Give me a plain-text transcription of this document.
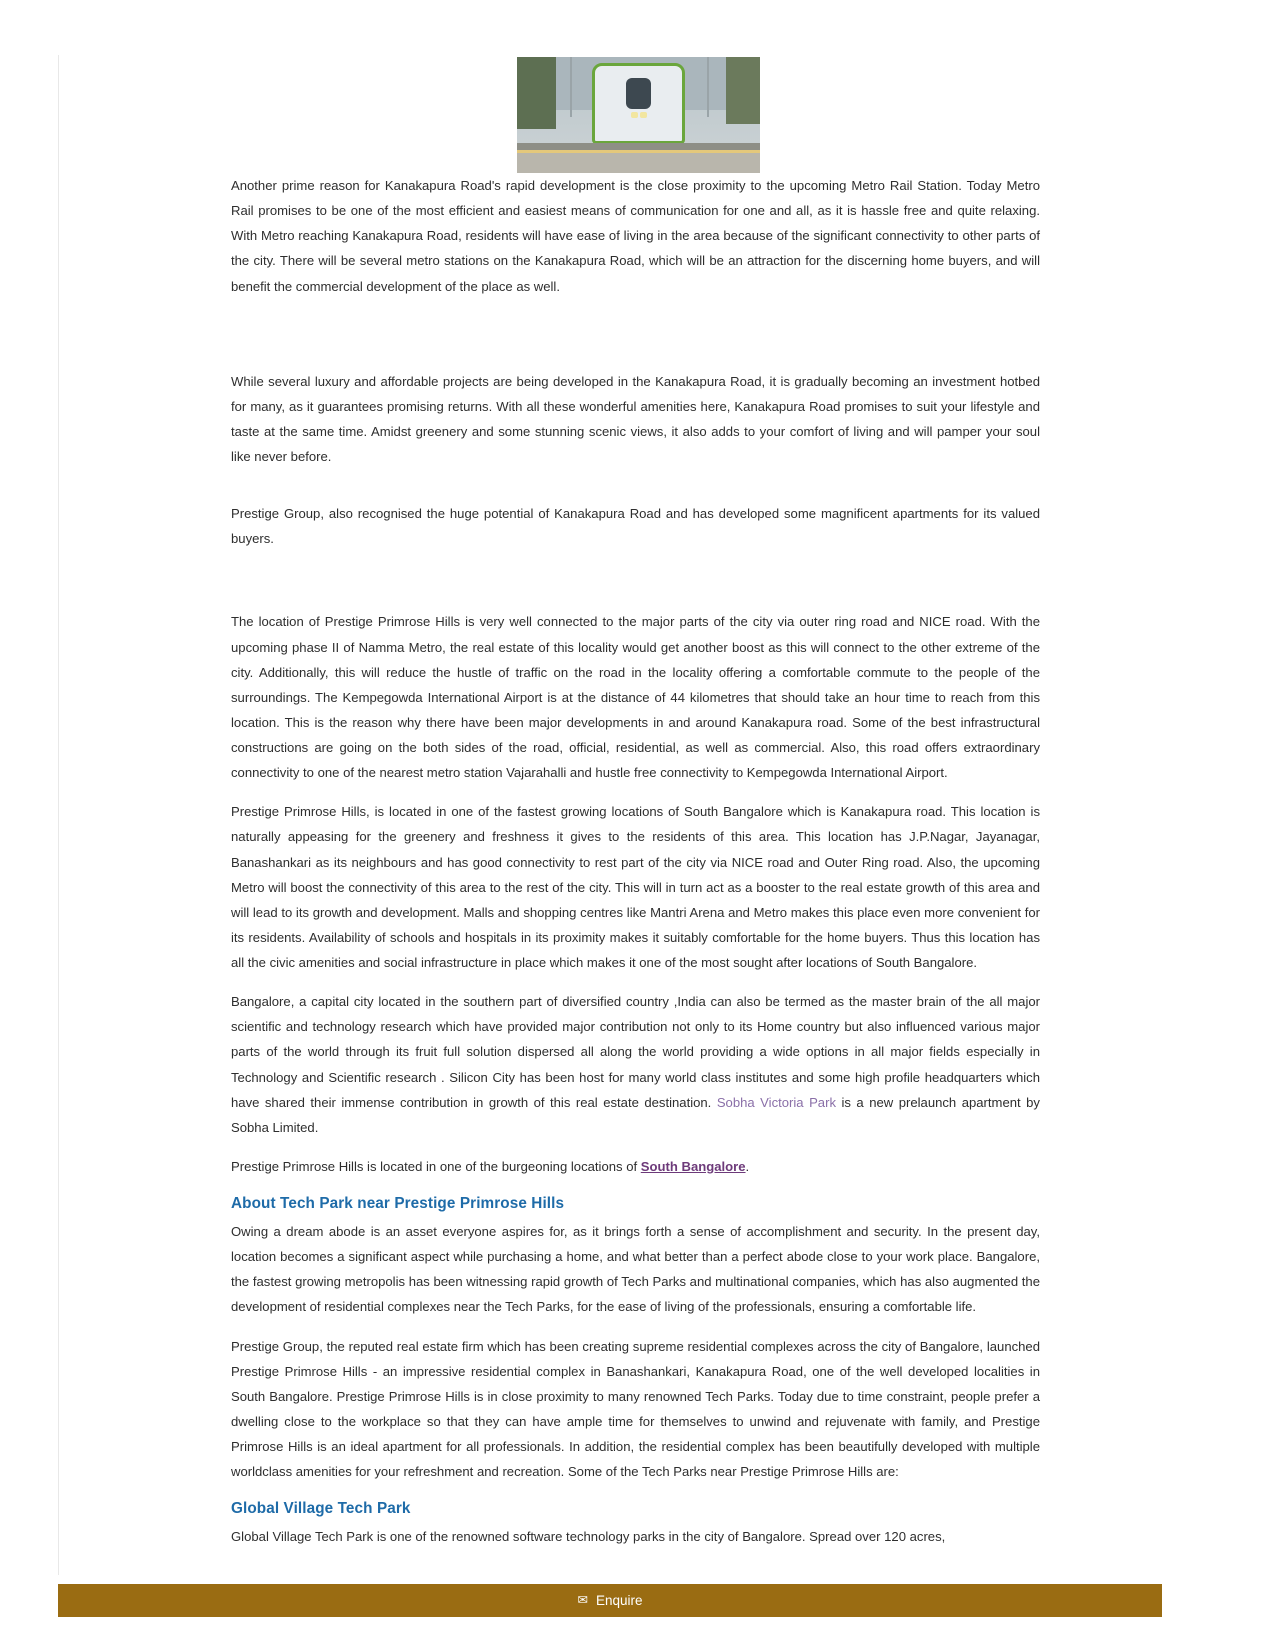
Another prime reason for Kanakapura Road's rapid development is the close proximity to the upcoming Metro Rail Station. Today Metro Rail promises to be one of the most efficient and easiest means of communication for one and all, as it is hassle free and quite relaxing. With Metro reaching Kanakapura Road, residents will have ease of living in the area because of the significant connectivity to other parts of the city. There will be several metro stations on the Kanakapura Road, which will be an attraction for the discerning home buyers, and will benefit the commercial development of the place as well.

While several luxury and affordable projects are being developed in the Kanakapura Road, it is gradually becoming an investment hotbed for many, as it guarantees promising returns. With all these wonderful amenities here, Kanakapura Road promises to suit your lifestyle and taste at the same time. Amidst greenery and some stunning scenic views, it also adds to your comfort of living and will pamper your soul like never before.

Prestige Group, also recognised the huge potential of Kanakapura Road and has developed some magnificent apartments for its valued buyers.

The location of Prestige Primrose Hills is very well connected to the major parts of the city via outer ring road and NICE road. With the upcoming phase II of Namma Metro, the real estate of this locality would get another boost as this will connect to the other extreme of the city. Additionally, this will reduce the hustle of traffic on the road in the locality offering a comfortable commute to the people of the surroundings. The Kempegowda International Airport is at the distance of 44 kilometres that should take an hour time to reach from this location. This is the reason why there have been major developments in and around Kanakapura road. Some of the best infrastructural constructions are going on the both sides of the road, official, residential, as well as commercial. Also, this road offers extraordinary connectivity to one of the nearest metro station Vajarahalli and hustle free connectivity to Kempegowda International Airport.

Prestige Primrose Hills, is located in one of the fastest growing locations of South Bangalore which is Kanakapura road. This location is naturally appeasing for the greenery and freshness it gives to the residents of this area. This location has J.P.Nagar, Jayanagar, Banashankari as its neighbours and has good connectivity to rest part of the city via NICE road and Outer Ring road. Also, the upcoming Metro will boost the connectivity of this area to the rest of the city. This will in turn act as a booster to the real estate growth of this area and will lead to its growth and development. Malls and shopping centres like Mantri Arena and Metro makes this place even more convenient for its residents. Availability of schools and hospitals in its proximity makes it suitably comfortable for the home buyers. Thus this location has all the civic amenities and social infrastructure in place which makes it one of the most sought after locations of South Bangalore.

Bangalore, a capital city located in the southern part of diversified country ,India can also be termed as the master brain of the all major scientific and technology research which have provided major contribution not only to its Home country but also influenced various major parts of the world through its fruit full solution dispersed all along the world providing a wide options in all major fields especially in Technology and Scientific research . Silicon City has been host for many world class institutes and some high profile headquarters which have shared their immense contribution in growth of this real estate destination. Sobha Victoria Park is a new prelaunch apartment by Sobha Limited.

Prestige Primrose Hills is located in one of the burgeoning locations of South Bangalore.

About Tech Park near Prestige Primrose Hills

Owing a dream abode is an asset everyone aspires for, as it brings forth a sense of accomplishment and security. In the present day, location becomes a significant aspect while purchasing a home, and what better than a perfect abode close to your work place. Bangalore, the fastest growing metropolis has been witnessing rapid growth of Tech Parks and multinational companies, which has also augmented the development of residential complexes near the Tech Parks, for the ease of living of the professionals, ensuring a comfortable life.

Prestige Group, the reputed real estate firm which has been creating supreme residential complexes across the city of Bangalore, launched Prestige Primrose Hills - an impressive residential complex in Banashankari, Kanakapura Road, one of the well developed localities in South Bangalore. Prestige Primrose Hills is in close proximity to many renowned Tech Parks. Today due to time constraint, people prefer a dwelling close to the workplace so that they can have ample time for themselves to unwind and rejuvenate with family, and Prestige Primrose Hills is an ideal apartment for all professionals. In addition, the residential complex has been beautifully developed with multiple worldclass amenities for your refreshment and recreation. Some of the Tech Parks near Prestige Primrose Hills are:

Global Village Tech Park

Global Village Tech Park is one of the renowned software technology parks in the city of Bangalore. Spread over 120 acres,

✉ Enquire
